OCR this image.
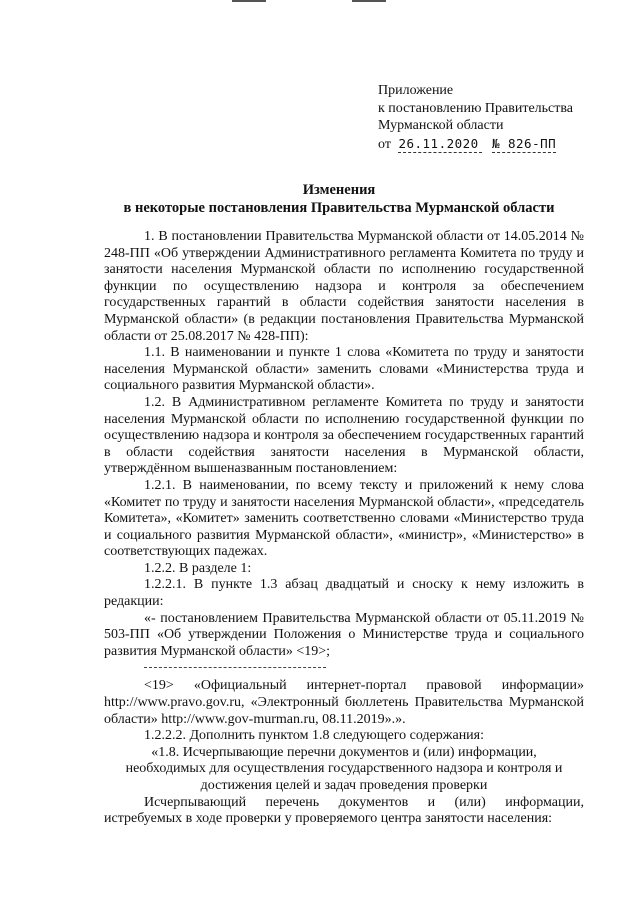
Приложение
к постановлению Правительства
Мурманской области
от 26.11.2020 № 826-ПП
Изменения
в некоторые постановления Правительства Мурманской области

1. В постановлении Правительства Мурманской области от 14.05.2014 № 248-ПП «Об утверждении Административного регламента Комитета по труду и занятости населения Мурманской области по исполнению государственной функции по осуществлению надзора и контроля за обеспечением государственных гарантий в области содействия занятости населения в Мурманской области» (в редакции постановления Правительства Мурманской области от 25.08.2017 № 428-ПП):

1.1. В наименовании и пункте 1 слова «Комитета по труду и занятости населения Мурманской области» заменить словами «Министерства труда и социального развития Мурманской области».

1.2. В Административном регламенте Комитета по труду и занятости населения Мурманской области по исполнению государственной функции по осуществлению надзора и контроля за обеспечением государственных гарантий в области содействия занятости населения в Мурманской области, утверждённом вышеназванным постановлением:

1.2.1. В наименовании, по всему тексту и приложений к нему слова «Комитет по труду и занятости населения Мурманской области», «председатель Комитета», «Комитет» заменить соответственно словами «Министерство труда и социального развития Мурманской области», «министр», «Министерство» в соответствующих падежах.

1.2.2. В разделе 1:

1.2.2.1. В пункте 1.3 абзац двадцатый и сноску к нему изложить в редакции:

«- постановлением Правительства Мурманской области от 05.11.2019 № 503-ПП «Об утверждении Положения о Министерстве труда и социального развития Мурманской области» <19>;

<19> «Официальный интернет-портал правовой информации» http://www.pravo.gov.ru, «Электронный бюллетень Правительства Мурманской области» http://www.gov-murman.ru, 08.11.2019».».

1.2.2.2. Дополнить пунктом 1.8 следующего содержания:

«1.8. Исчерпывающие перечни документов и (или) информации,

необходимых для осуществления государственного надзора и контроля и

достижения целей и задач проведения проверки

Исчерпывающий перечень документов и (или) информации, истребуемых в ходе проверки у проверяемого центра занятости населения:
